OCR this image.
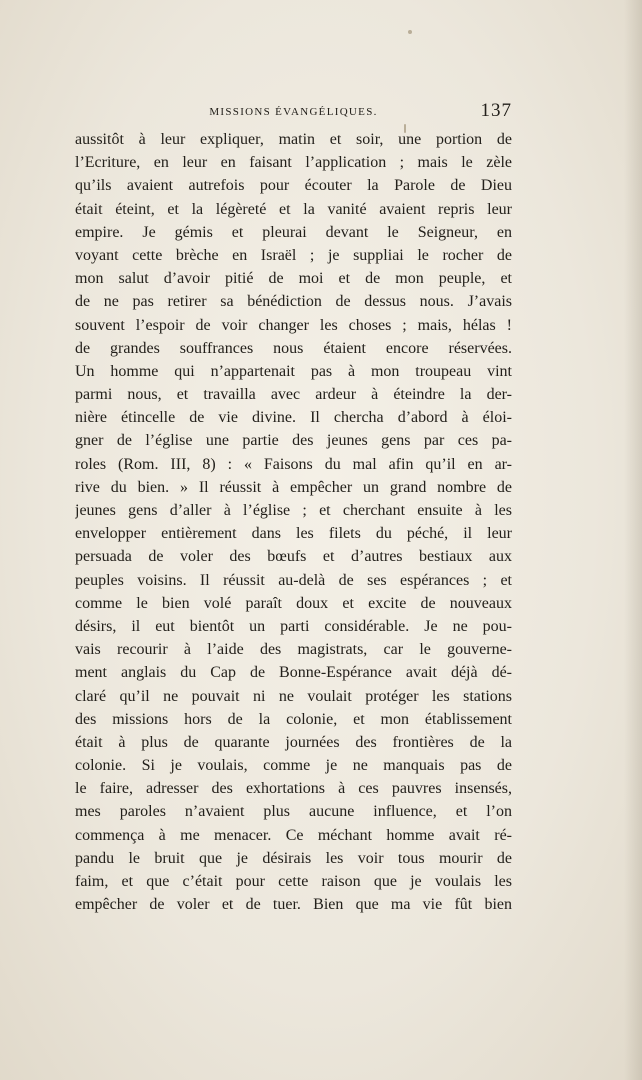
MISSIONS ÉVANGÉLIQUES.	137
aussitôt à leur expliquer, matin et soir, une portion de
l’Ecriture, en leur en faisant l’application ; mais le zèle
qu’ils avaient autrefois pour écouter la Parole de Dieu
était éteint, et la légèreté et la vanité avaient repris leur
empire. Je gémis et pleurai devant le Seigneur, en
voyant cette brèche en Israël ; je suppliai le rocher de
mon salut d’avoir pitié de moi et de mon peuple, et
de ne pas retirer sa bénédiction de dessus nous. J’avais
souvent l’espoir de voir changer les choses ; mais, hélas !
de grandes souffrances nous étaient encore réservées.
Un homme qui n’appartenait pas à mon troupeau vint
parmi nous, et travailla avec ardeur à éteindre la der-
nière étincelle de vie divine. Il chercha d’abord à éloi-
gner de l’église une partie des jeunes gens par ces pa-
roles (Rom. III, 8) : « Faisons du mal afin qu’il en ar-
rive du bien. » Il réussit à empêcher un grand nombre de
jeunes gens d’aller à l’église ; et cherchant ensuite à les
envelopper entièrement dans les filets du péché, il leur
persuada de voler des bœufs et d’autres bestiaux aux
peuples voisins. Il réussit au-delà de ses espérances ; et
comme le bien volé paraît doux et excite de nouveaux
désirs, il eut bientôt un parti considérable. Je ne pou-
vais recourir à l’aide des magistrats, car le gouverne-
ment anglais du Cap de Bonne-Espérance avait déjà dé-
claré qu’il ne pouvait ni ne voulait protéger les stations
des missions hors de la colonie, et mon établissement
était à plus de quarante journées des frontières de la
colonie. Si je voulais, comme je ne manquais pas de
le faire, adresser des exhortations à ces pauvres insensés,
mes paroles n’avaient plus aucune influence, et l’on
commença à me menacer. Ce méchant homme avait ré-
pandu le bruit que je désirais les voir tous mourir de
faim, et que c’était pour cette raison que je voulais les
empêcher de voler et de tuer. Bien que ma vie fût bien
